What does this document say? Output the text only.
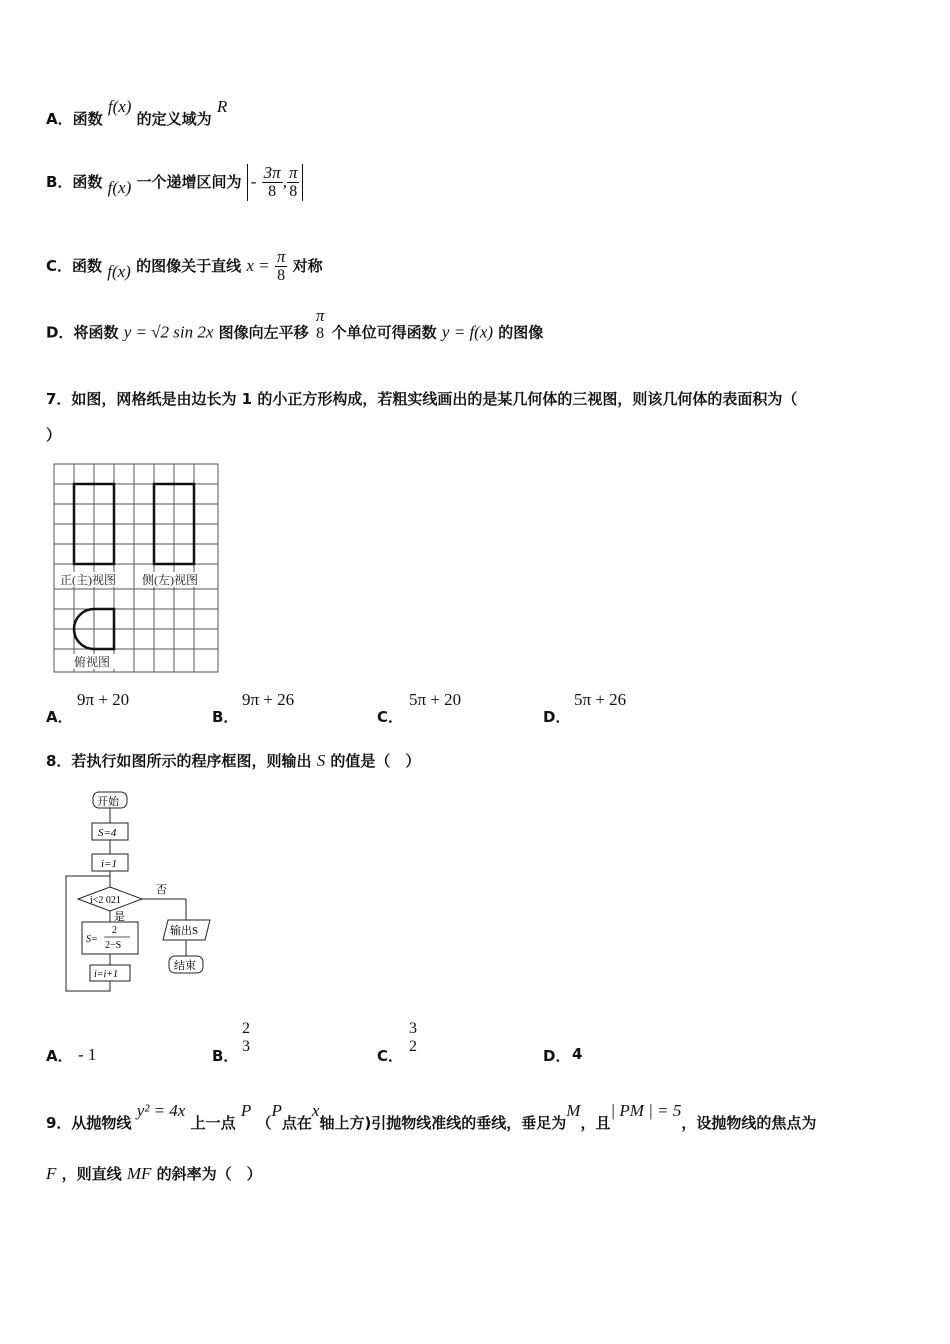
A．函数 f(x) 的定义域为 R
B．函数 f(x) 一个递增区间为 - $\frac{3\pi}{8}$ , $\frac{\pi}{8}$
C．函数 f(x) 的图像关于直线 $x = \frac{\pi}{8}$ 对称
D．将函数 y = √2 sin 2x 图像向左平移
π
8 个单位可得函数 y = f(x) 的图像
7．如图，网格纸是由边长为 1 的小正方形构成，若粗实线画出的是某几何体的三视图，则该几何体的表面积为（
）
正(主)视图 侧(左)视图
俯视图
A．
9π + 20
B．
9π + 26
C．
5π + 20
D．
5π + 26
8．若执行如图所示的程序框图，则输出 S 的值是（　）
开始
S=4
i=1
i<2 021
否
是
S=
2
2−S
i=i+1
输出S
结束
A． - 1	B．
2
3
C．
3
2
D． 4
9．从抛物线 y² = 4x 上一点 P （P点在x轴上方)引抛物线准线的垂线，垂足为M，且| PM | = 5，设抛物线的焦点为
F ，则直线 MF 的斜率为（　）
